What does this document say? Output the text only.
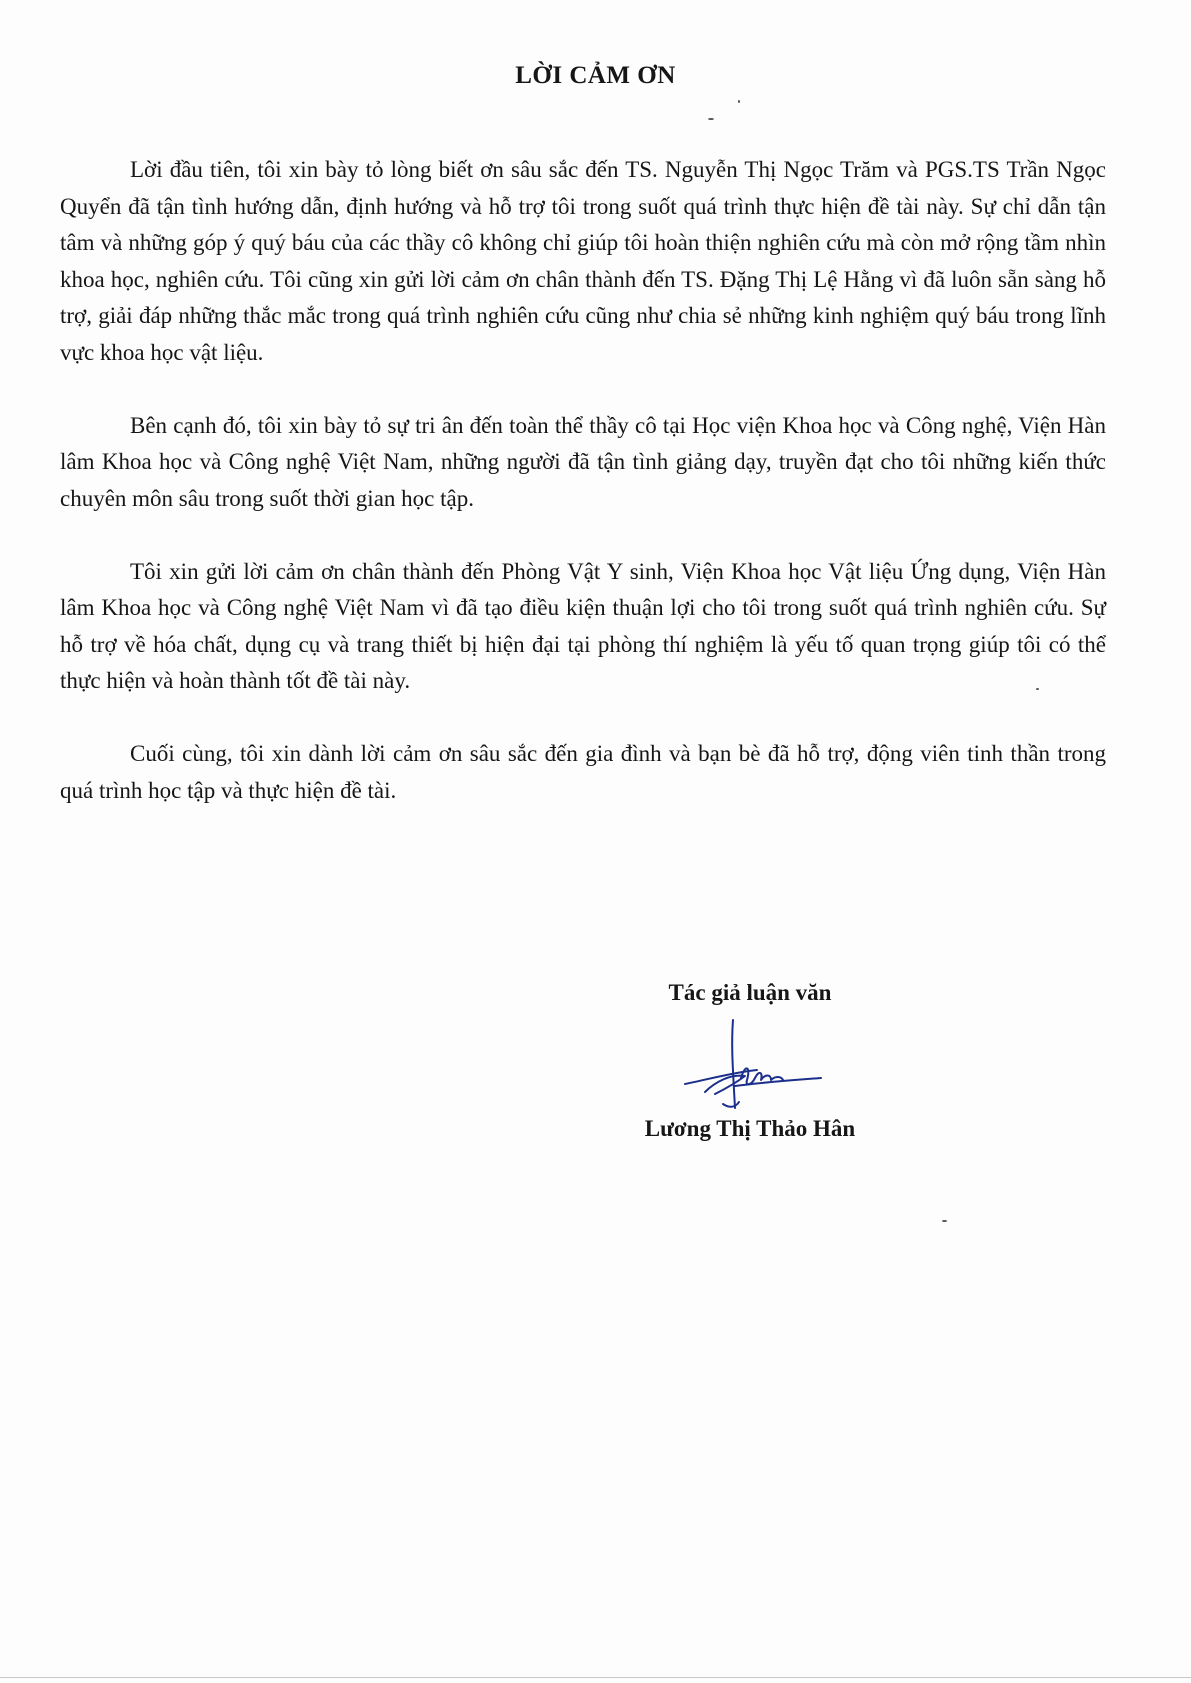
LỜI CẢM ƠN

Lời đầu tiên, tôi xin bày tỏ lòng biết ơn sâu sắc đến TS. Nguyễn Thị Ngọc Trăm và PGS.TS Trần Ngọc Quyển đã tận tình hướng dẫn, định hướng và hỗ trợ tôi trong suốt quá trình thực hiện đề tài này. Sự chỉ dẫn tận tâm và những góp ý quý báu của các thầy cô không chỉ giúp tôi hoàn thiện nghiên cứu mà còn mở rộng tầm nhìn khoa học, nghiên cứu. Tôi cũng xin gửi lời cảm ơn chân thành đến TS. Đặng Thị Lệ Hằng vì đã luôn sẵn sàng hỗ trợ, giải đáp những thắc mắc trong quá trình nghiên cứu cũng như chia sẻ những kinh nghiệm quý báu trong lĩnh vực khoa học vật liệu.

Bên cạnh đó, tôi xin bày tỏ sự tri ân đến toàn thể thầy cô tại Học viện Khoa học và Công nghệ, Viện Hàn lâm Khoa học và Công nghệ Việt Nam, những người đã tận tình giảng dạy, truyền đạt cho tôi những kiến thức chuyên môn sâu trong suốt thời gian học tập.

Tôi xin gửi lời cảm ơn chân thành đến Phòng Vật Y sinh, Viện Khoa học Vật liệu Ứng dụng, Viện Hàn lâm Khoa học và Công nghệ Việt Nam vì đã tạo điều kiện thuận lợi cho tôi trong suốt quá trình nghiên cứu. Sự hỗ trợ về hóa chất, dụng cụ và trang thiết bị hiện đại tại phòng thí nghiệm là yếu tố quan trọng giúp tôi có thể thực hiện và hoàn thành tốt đề tài này.

Cuối cùng, tôi xin dành lời cảm ơn sâu sắc đến gia đình và bạn bè đã hỗ trợ, động viên tinh thần trong quá trình học tập và thực hiện đề tài.

Tác giả luận văn
Lương Thị Thảo Hân
